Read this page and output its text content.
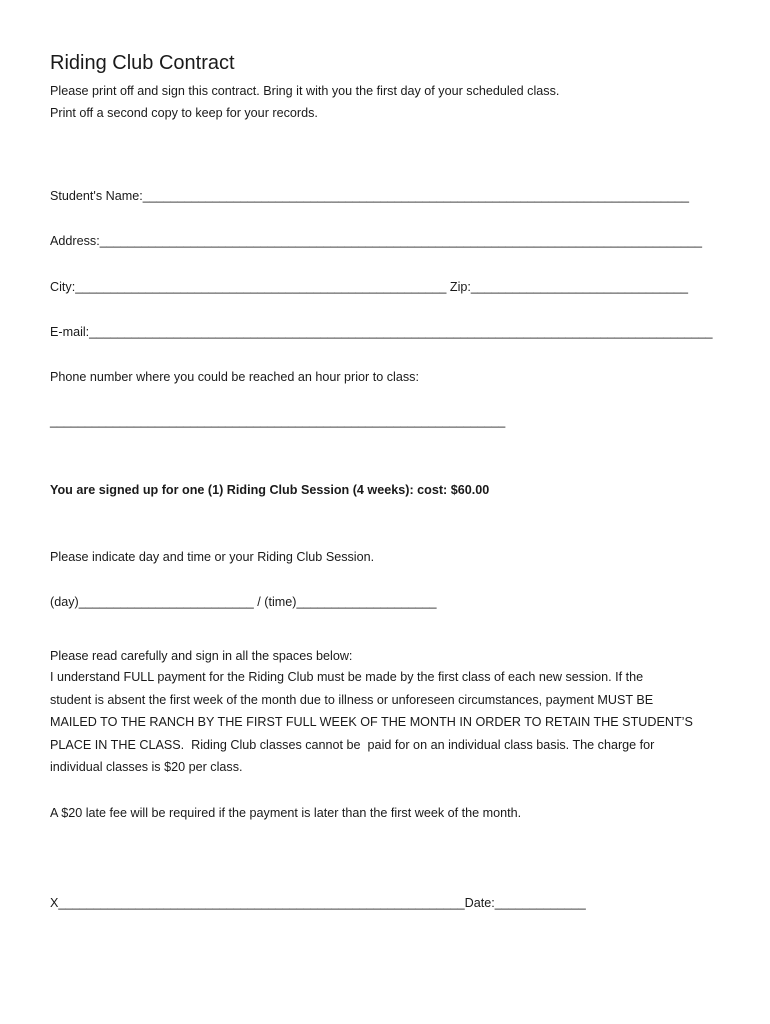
Riding Club Contract

Please print off and sign this contract. Bring it with you the first day of your scheduled class.

Print off a second copy to keep for your records.

Student's Name:______________________________________________________________________________

Address:______________________________________________________________________________________

City:_____________________________________________________ Zip:_______________________________

E-mail:_________________________________________________________________________________________

Phone number where you could be reached an hour prior to class:

_________________________________________________________________

You are signed up for one (1) Riding Club Session (4 weeks): cost: $60.00

Please indicate day and time or your Riding Club Session.

(day)_________________________ / (time)____________________

Please read carefully and sign in all the spaces below:

I understand FULL payment for the Riding Club must be made by the first class of each new session. If the
student is absent the first week of the month due to illness or unforeseen circumstances, payment MUST BE
MAILED TO THE RANCH BY THE FIRST FULL WEEK OF THE MONTH IN ORDER TO RETAIN THE STUDENT’S
PLACE IN THE CLASS.  Riding Club classes cannot be  paid for on an individual class basis. The charge for
individual classes is $20 per class.

A $20 late fee will be required if the payment is later than the first week of the month.

X__________________________________________________________Date:_____________
